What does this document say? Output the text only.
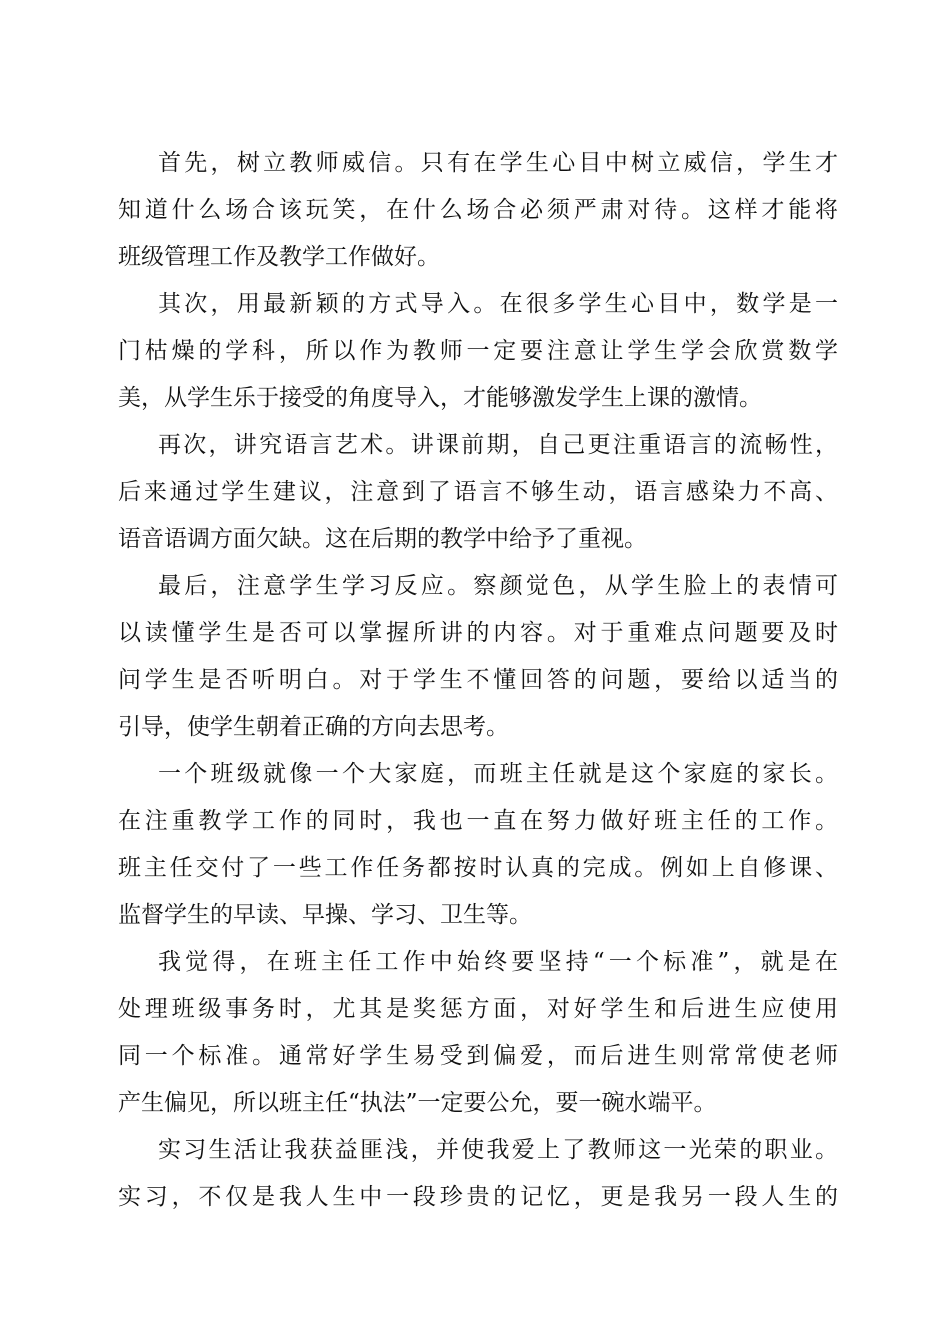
首先，树立教师威信。只有在学生心目中树立威信，学生才
知道什么场合该玩笑，在什么场合必须严肃对待。这样才能将
班级管理工作及教学工作做好。
其次，用最新颖的方式导入。在很多学生心目中，数学是一
门枯燥的学科，所以作为教师一定要注意让学生学会欣赏数学
美，从学生乐于接受的角度导入，才能够激发学生上课的激情。
再次，讲究语言艺术。讲课前期，自己更注重语言的流畅性，
后来通过学生建议，注意到了语言不够生动，语言感染力不高、
语音语调方面欠缺。这在后期的教学中给予了重视。
最后，注意学生学习反应。察颜觉色，从学生脸上的表情可
以读懂学生是否可以掌握所讲的内容。对于重难点问题要及时
问学生是否听明白。对于学生不懂回答的问题，要给以适当的
引导，使学生朝着正确的方向去思考。
一个班级就像一个大家庭，而班主任就是这个家庭的家长。
在注重教学工作的同时，我也一直在努力做好班主任的工作。
班主任交付了一些工作任务都按时认真的完成。例如上自修课、
监督学生的早读、早操、学习、卫生等。
我觉得，在班主任工作中始终要坚持“一个标准”，就是在
处理班级事务时，尤其是奖惩方面，对好学生和后进生应使用
同一个标准。通常好学生易受到偏爱，而后进生则常常使老师
产生偏见，所以班主任“执法”一定要公允，要一碗水端平。
实习生活让我获益匪浅，并使我爱上了教师这一光荣的职业。
实习，不仅是我人生中一段珍贵的记忆，更是我另一段人生的
